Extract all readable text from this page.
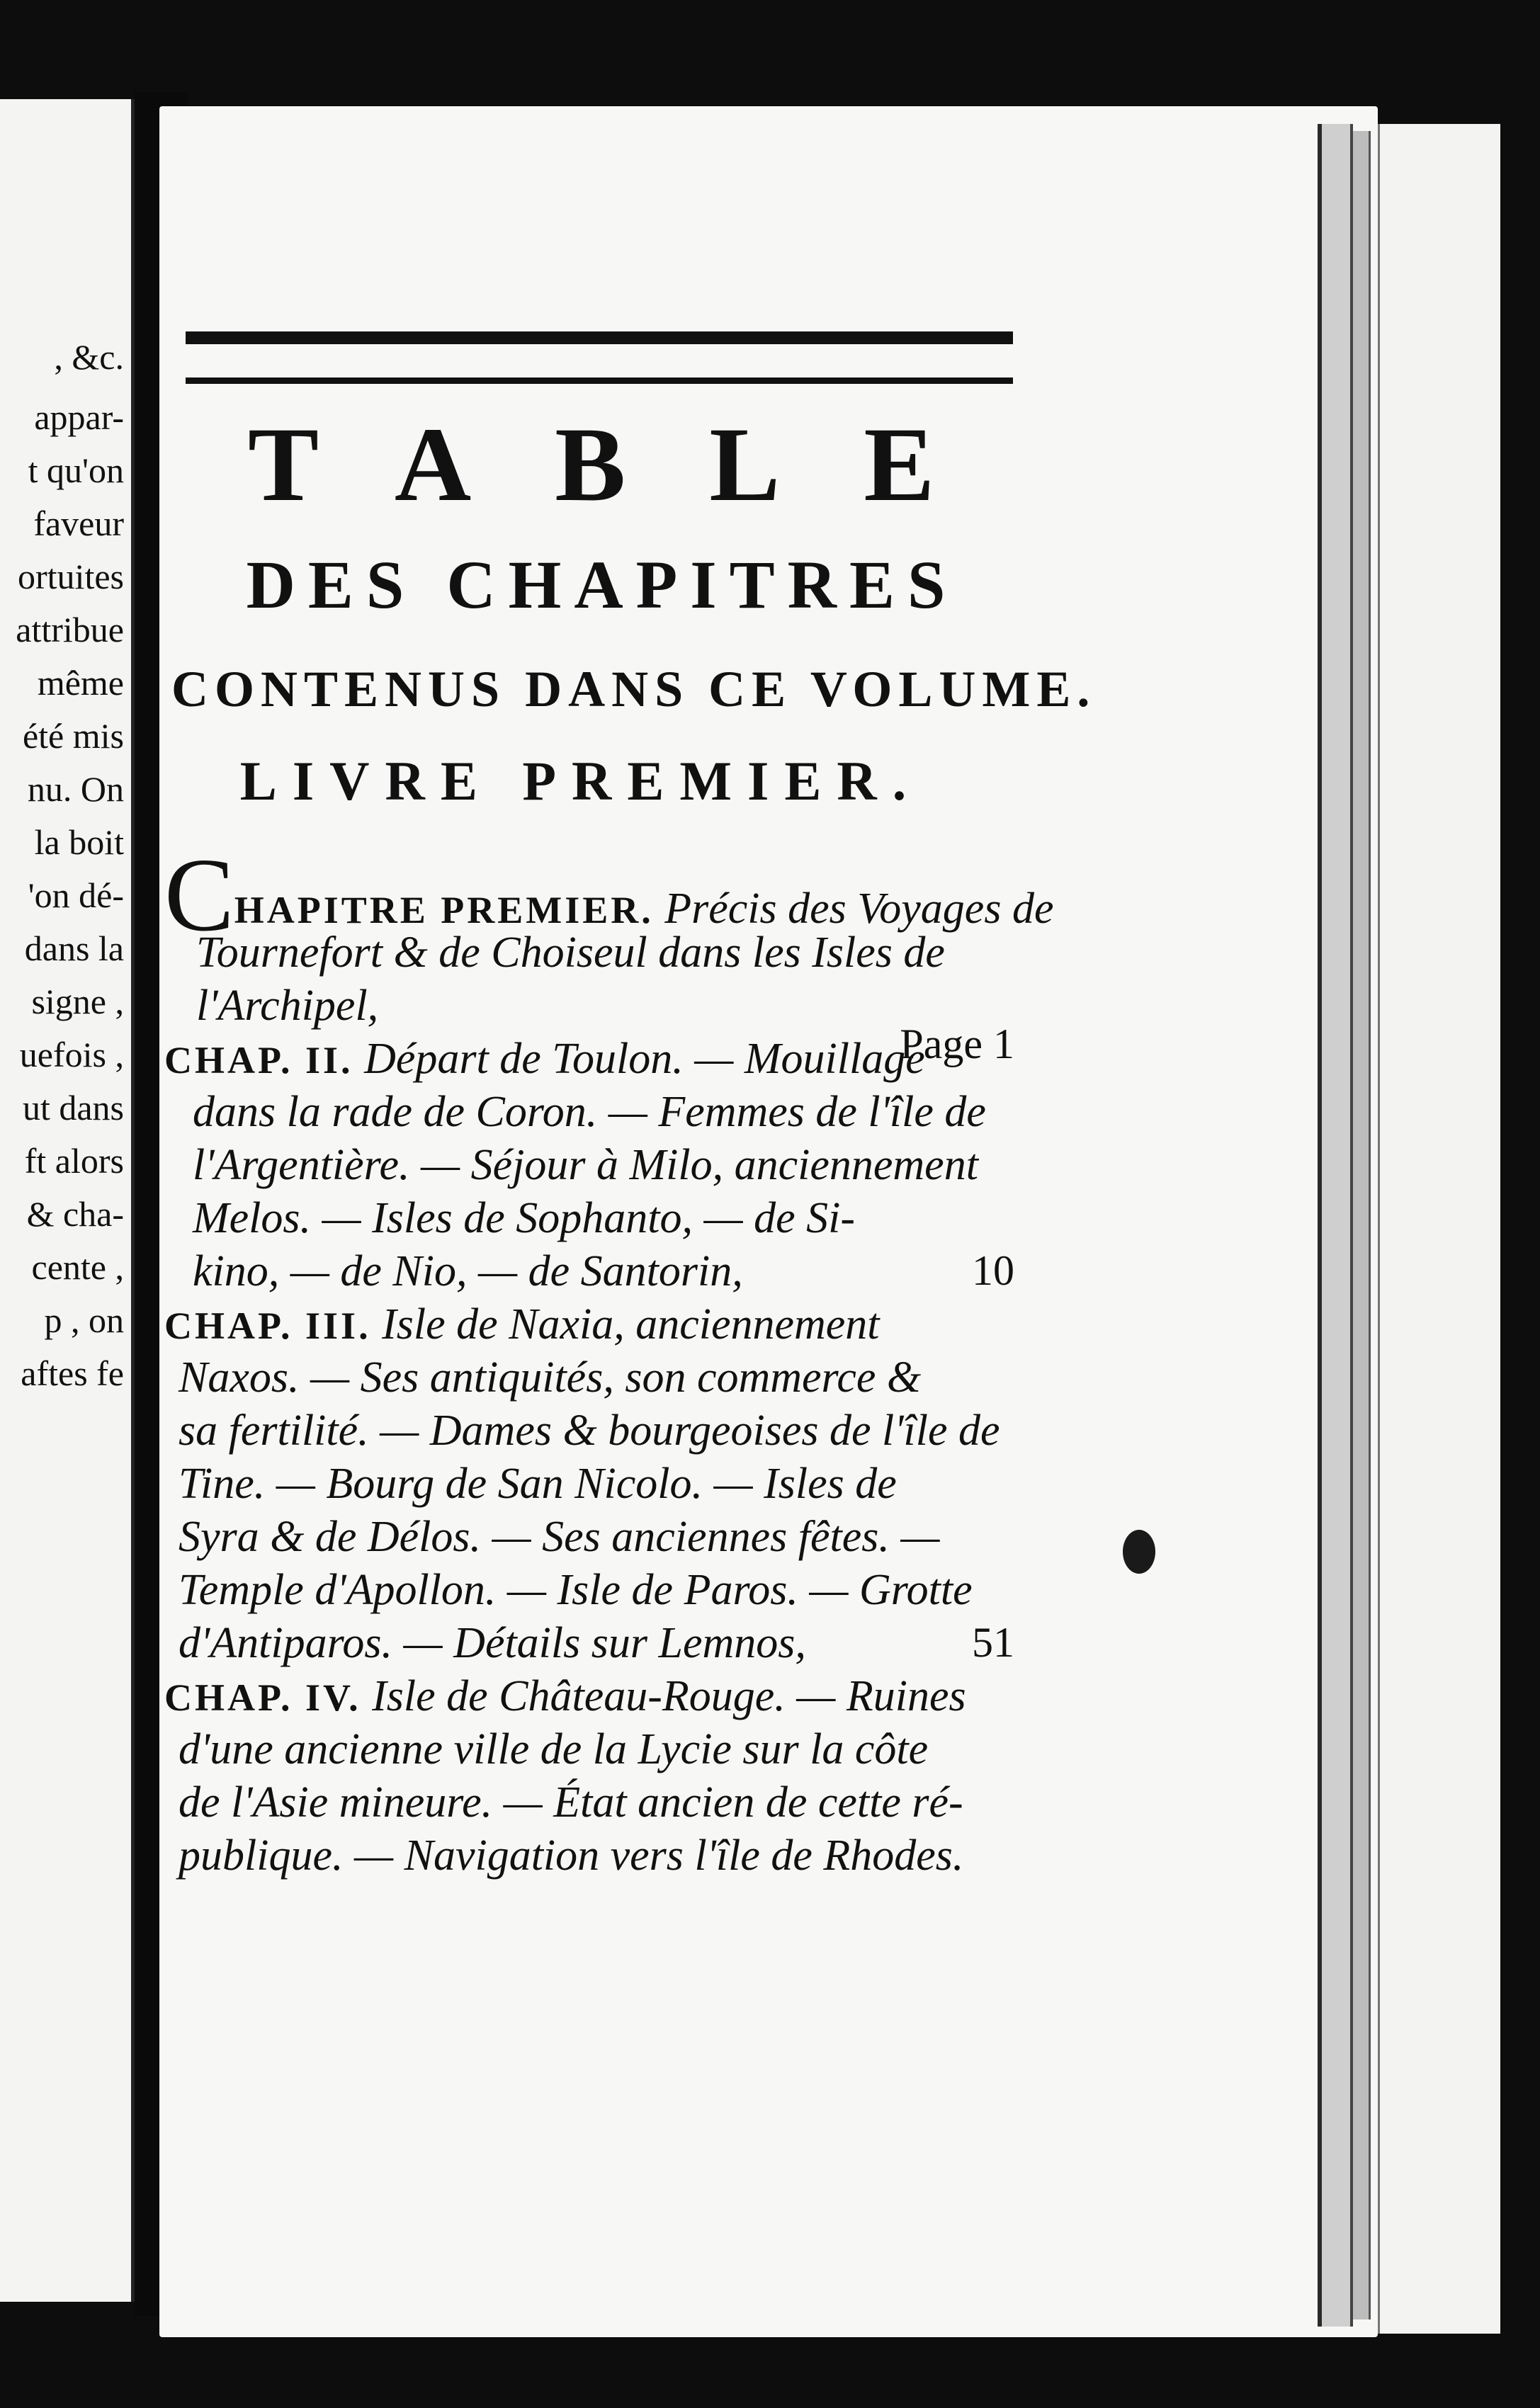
, &c.
appar-
t qu'on
faveur
ortuites
attribue
même
été mis
nu. On
la boit
'on dé-
dans la
signe ,
uefois ,
ut dans
ft alors
& cha-
cente ,
p , on
aftes fe
TABLE
DES CHAPITRES
CONTENUS DANS CE VOLUME.
LIVRE PREMIER.
CHAPITRE PREMIER. Précis des Voyages de
Tournefort & de Choiseul dans les Isles de
l'Archipel,
Page 1
CHAP. II. Départ de Toulon. — Mouillage
dans la rade de Coron. — Femmes de l'île de
l'Argentière. — Séjour à Milo, anciennement
Melos. — Isles de Sophanto, — de Si-
kino, — de Nio, — de Santorin,	10
CHAP. III. Isle de Naxia, anciennement
Naxos. — Ses antiquités, son commerce &
sa fertilité. — Dames & bourgeoises de l'île de
Tine. — Bourg de San Nicolo. — Isles de
Syra & de Délos. — Ses anciennes fêtes. —
Temple d'Apollon. — Isle de Paros. — Grotte
d'Antiparos. — Détails sur Lemnos,	51
CHAP. IV. Isle de Château-Rouge. — Ruines
d'une ancienne ville de la Lycie sur la côte
de l'Asie mineure. — État ancien de cette ré-
publique. — Navigation vers l'île de Rhodes.
